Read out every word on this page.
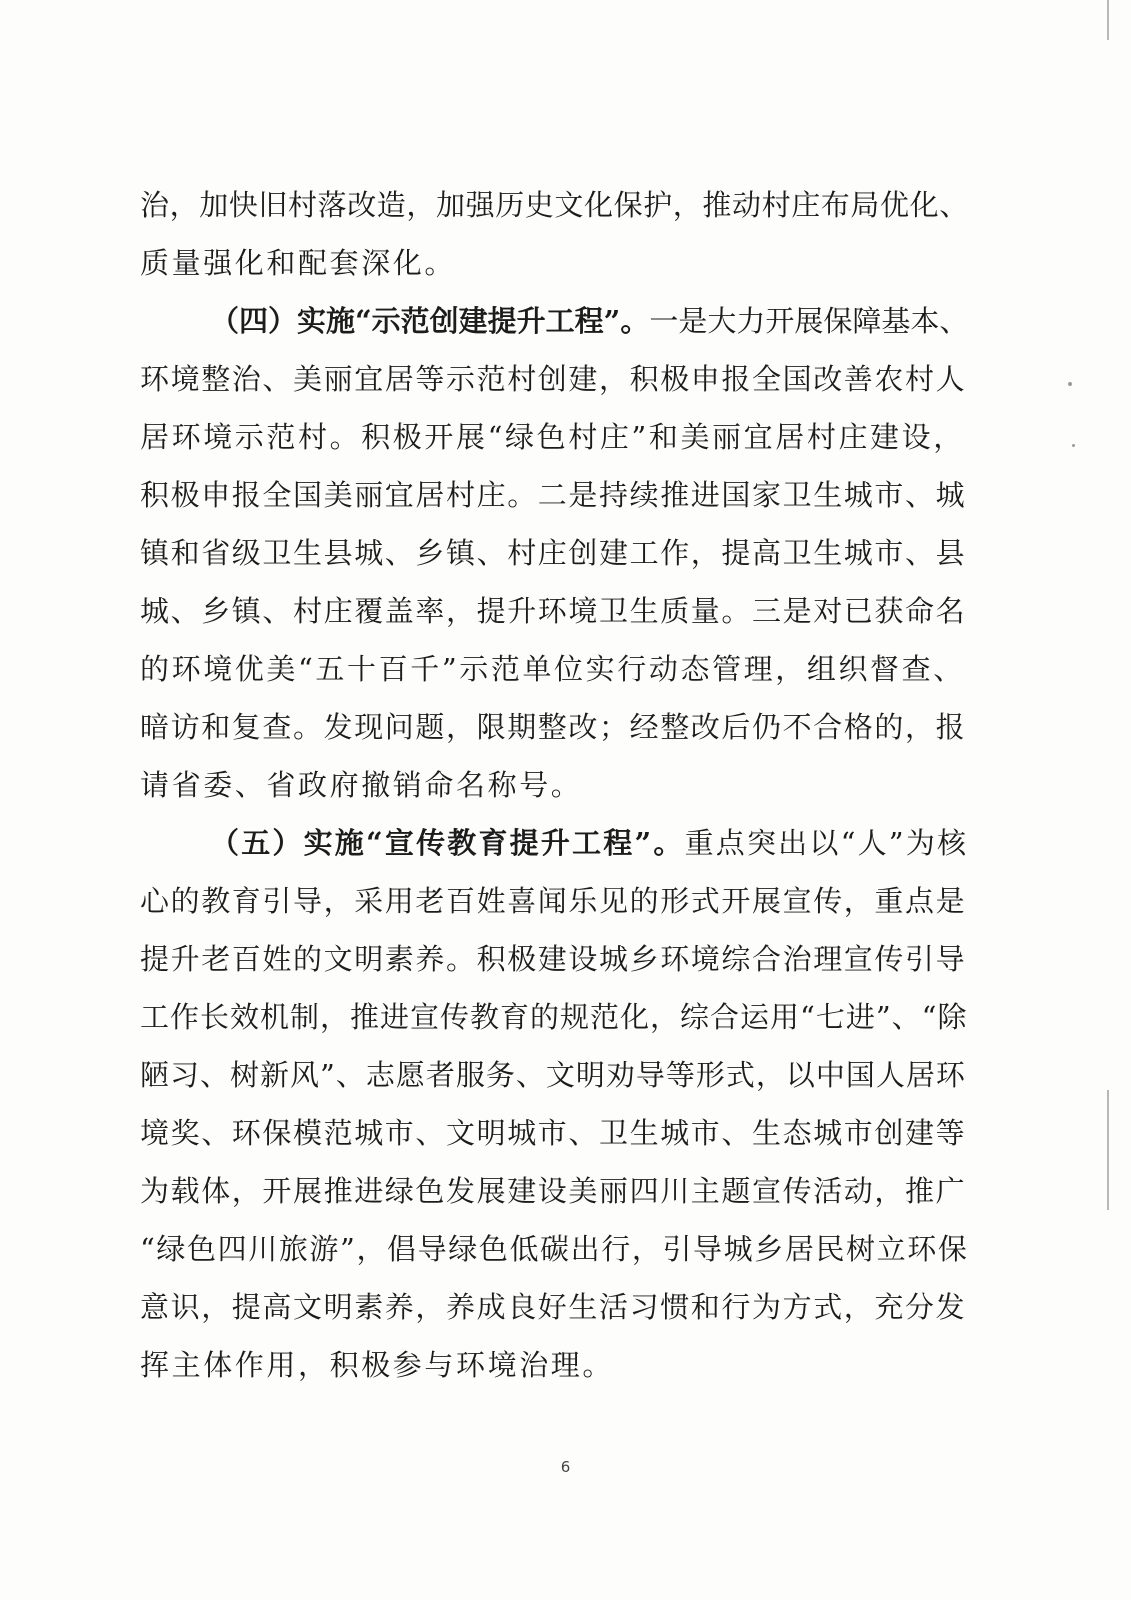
治，加快旧村落改造，加强历史文化保护，推动村庄布局优化、
质量强化和配套深化。
（四）实施“示范创建提升工程”。一是大力开展保障基本、
环境整治、美丽宜居等示范村创建，积极申报全国改善农村人
居环境示范村。积极开展“绿色村庄”和美丽宜居村庄建设，
积极申报全国美丽宜居村庄。二是持续推进国家卫生城市、城
镇和省级卫生县城、乡镇、村庄创建工作，提高卫生城市、县
城、乡镇、村庄覆盖率，提升环境卫生质量。三是对已获命名
的环境优美“五十百千”示范单位实行动态管理，组织督查、
暗访和复查。发现问题，限期整改；经整改后仍不合格的，报
请省委、省政府撤销命名称号。
（五）实施“宣传教育提升工程”。重点突出以“人”为核
心的教育引导，采用老百姓喜闻乐见的形式开展宣传，重点是
提升老百姓的文明素养。积极建设城乡环境综合治理宣传引导
工作长效机制，推进宣传教育的规范化，综合运用“七进”、“除
陋习、树新风”、志愿者服务、文明劝导等形式，以中国人居环
境奖、环保模范城市、文明城市、卫生城市、生态城市创建等
为载体，开展推进绿色发展建设美丽四川主题宣传活动，推广
“绿色四川旅游”，倡导绿色低碳出行，引导城乡居民树立环保
意识，提高文明素养，养成良好生活习惯和行为方式，充分发
挥主体作用，积极参与环境治理。
6
